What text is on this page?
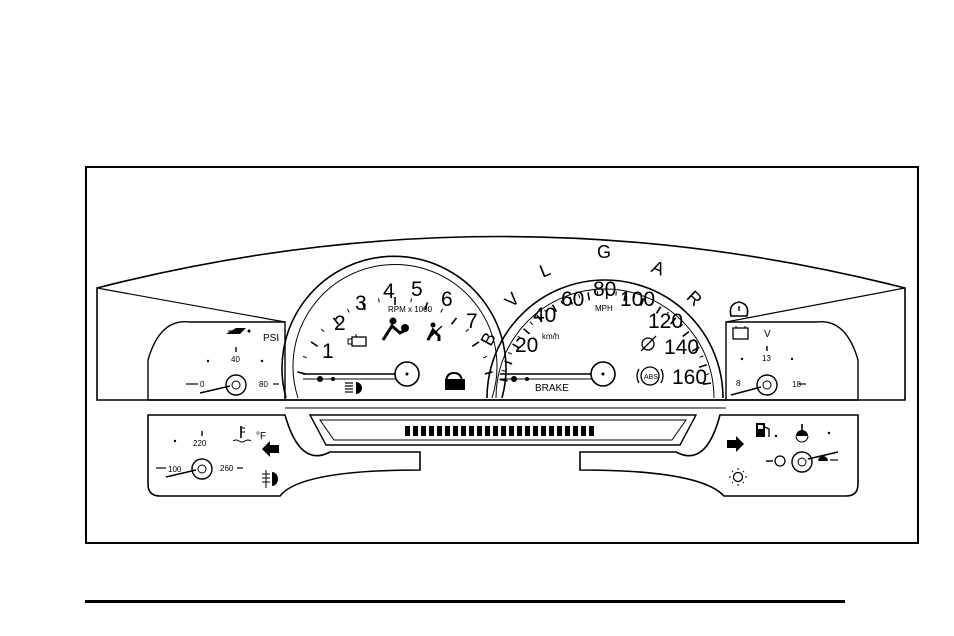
1
2
3
4 5 6
7
RPM x 1000
B
V
L
G
A
R
20
40
60 80 100
120
140
160
MPH
km/h
BRAKE
ABS
PSI
40
0	80
V
13
8	18
220
100	260
°F
